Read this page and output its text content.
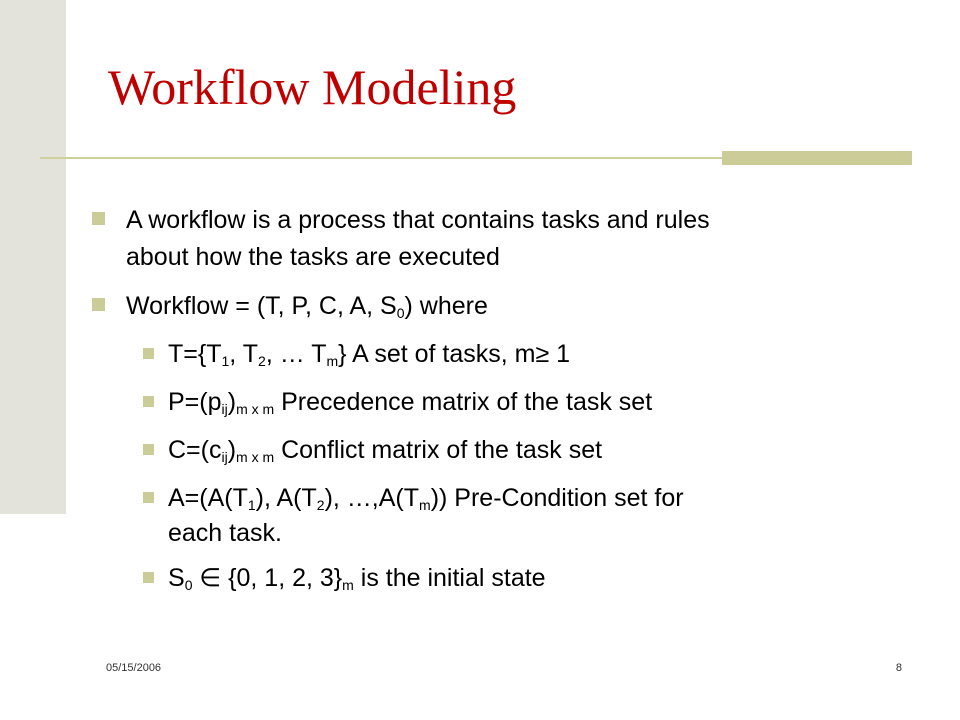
Workflow Modeling
A workflow is a process that contains tasks and rules
about how the tasks are executed
Workflow = (T, P, C, A, $S_0$) where
$T=\{T_1$, $T_2$, … $T_m$} A set of tasks, m≥ 1
$P=(p_{ij})_{m x m}$ Precedence matrix of the task set
$C=(c_{ij})_{m x m}$ Conflict matrix of the task set
$A=(A(T_1)$, $A(T_2)$, $\dots,A(T_m)$) Pre-Condition set for
each task.
$S_0$ ∈ {0, 1, 2, $3\}_m$ is the initial state
05/15/2006	8
